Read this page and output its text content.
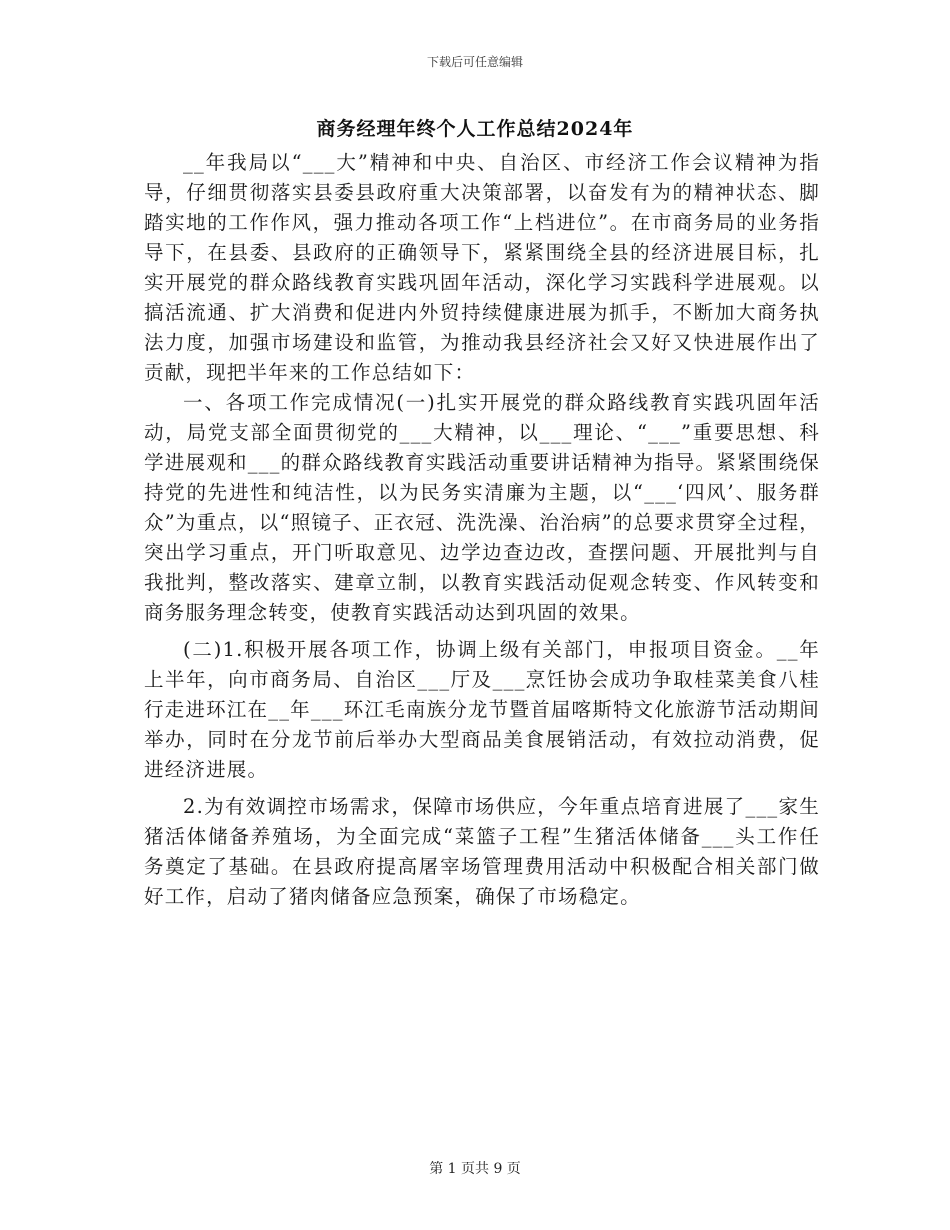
下载后可任意编辑
商务经理年终个人工作总结2024年

__年我局以“___大”精神和中央、自治区、市经济工作会议精神为指导，仔细贯彻落实县委县政府重大决策部署，以奋发有为的精神状态、脚踏实地的工作作风，强力推动各项工作“上档进位”。在市商务局的业务指导下，在县委、县政府的正确领导下，紧紧围绕全县的经济进展目标，扎实开展党的群众路线教育实践巩固年活动，深化学习实践科学进展观。以搞活流通、扩大消费和促进内外贸持续健康进展为抓手，不断加大商务执法力度，加强市场建设和监管，为推动我县经济社会又好又快进展作出了贡献，现把半年来的工作总结如下：

一、各项工作完成情况(一)扎实开展党的群众路线教育实践巩固年活动，局党支部全面贯彻党的___大精神，以___理论、“___”重要思想、科学进展观和___的群众路线教育实践活动重要讲话精神为指导。紧紧围绕保持党的先进性和纯洁性，以为民务实清廉为主题，以“___‘四风’、服务群众”为重点，以“照镜子、正衣冠、洗洗澡、治治病”的总要求贯穿全过程，突出学习重点，开门听取意见、边学边查边改，查摆问题、开展批判与自我批判，整改落实、建章立制，以教育实践活动促观念转变、作风转变和商务服务理念转变，使教育实践活动达到巩固的效果。

(二)1.积极开展各项工作，协调上级有关部门，申报项目资金。__年上半年，向市商务局、自治区___厅及___烹饪协会成功争取桂菜美食八桂行走进环江在__年___环江毛南族分龙节暨首届喀斯特文化旅游节活动期间举办，同时在分龙节前后举办大型商品美食展销活动，有效拉动消费，促进经济进展。

2.为有效调控市场需求，保障市场供应，今年重点培育进展了___家生猪活体储备养殖场，为全面完成“菜篮子工程”生猪活体储备___头工作任务奠定了基础。在县政府提高屠宰场管理费用活动中积极配合相关部门做好工作，启动了猪肉储备应急预案，确保了市场稳定。

第 1 页共 9 页
